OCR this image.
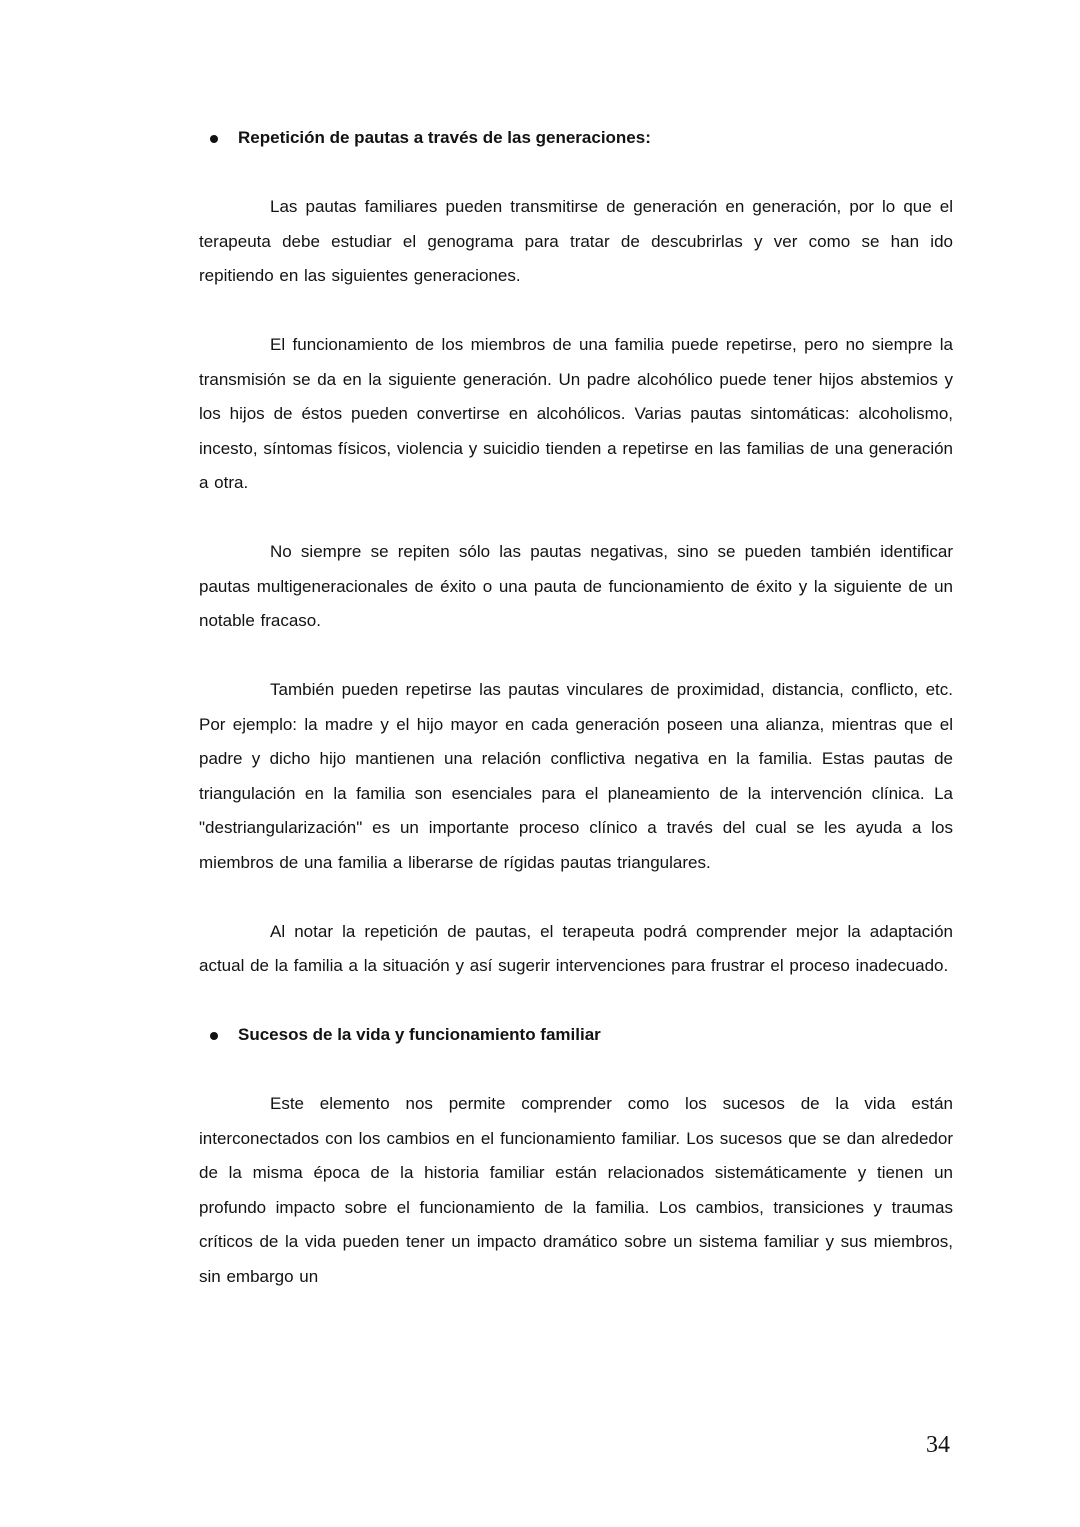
Repetición de pautas a través de las generaciones:

Las pautas familiares pueden transmitirse de generación en generación, por lo que el terapeuta debe estudiar el genograma para tratar de descubrirlas y ver como se han ido repitiendo en las siguientes generaciones.

El funcionamiento de los miembros de una familia puede repetirse, pero no siempre la transmisión se da en la siguiente generación. Un padre alcohólico puede tener hijos abstemios y los hijos de éstos pueden convertirse en alcohólicos. Varias pautas sintomáticas: alcoholismo, incesto, síntomas físicos, violencia y suicidio tienden a repetirse en las familias de una generación a otra.

No siempre se repiten sólo las pautas negativas, sino se pueden también identificar pautas multigeneracionales de éxito o una pauta de funcionamiento de éxito y la siguiente de un notable fracaso.

También pueden repetirse las pautas vinculares de proximidad, distancia, conflicto, etc. Por ejemplo: la madre y el hijo mayor en cada generación poseen una alianza, mientras que el padre y dicho hijo mantienen una relación conflictiva negativa en la familia. Estas pautas de triangulación en la familia son esenciales para el planeamiento de la intervención clínica. La "destriangularización" es un importante proceso clínico a través del cual se les ayuda a los miembros de una familia a liberarse de rígidas pautas triangulares.

Al notar la repetición de pautas, el terapeuta podrá comprender mejor la adaptación actual de la familia a la situación y así sugerir intervenciones para frustrar el proceso inadecuado.

Sucesos de la vida y funcionamiento familiar

Este elemento nos permite comprender como los sucesos de la vida están interconectados con los cambios en el funcionamiento familiar. Los sucesos que se dan alrededor de la misma época de la historia familiar están relacionados sistemáticamente y tienen un profundo impacto sobre el funcionamiento de la familia. Los cambios, transiciones y traumas críticos de la vida pueden tener un impacto dramático sobre un sistema familiar y sus miembros, sin embargo un

34
